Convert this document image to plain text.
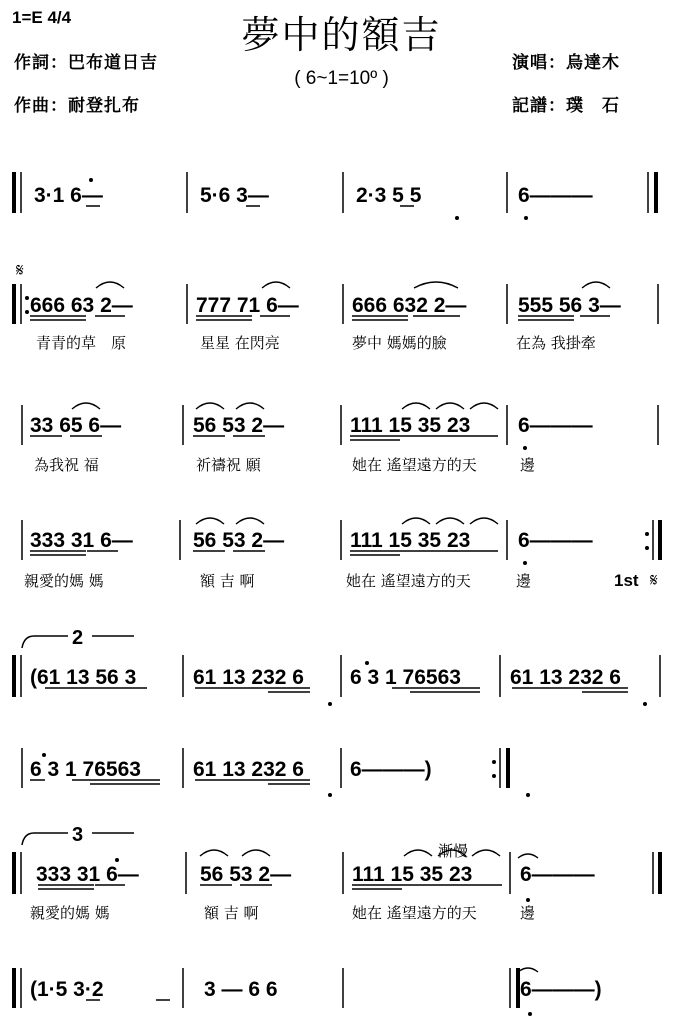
1=E 4/4	夢中的額吉
( 6~1=10º )
作詞：巴布道日吉
作曲：耐登扎布
演唱：烏達木
記譜：璞　石
𝄋
1st 𝄋
2
3
漸慢
3·1 6—	5·6 3—	2·3 5 5	6———
666 63 2—	777 71 6—	666 632 2— 555 56 3—
青青的草　原	星星 在閃亮	夢中 媽媽的臉	在為 我掛牽
33 65 6—	56 53 2—	111 15 35 23 6———
為我祝 福	祈禱祝 願	她在 遙望遠方的天	邊
333 31 6—	56 53 2—	111 15 35 23 6———
親愛的媽 媽	額 吉 啊	她在 遙望遠方的天	邊
(61 13 56 3	61 13 232 6 6 3 1 76563 61 13 232 6
6 3 1 76563 61 13 232 6 6———)
333 31 6—	56 53 2—	111 15 35 23 6———
親愛的媽 媽	額 吉 啊	她在 遙望遠方的天	邊
(1·5 3·2	3 — 6 6	6———)
